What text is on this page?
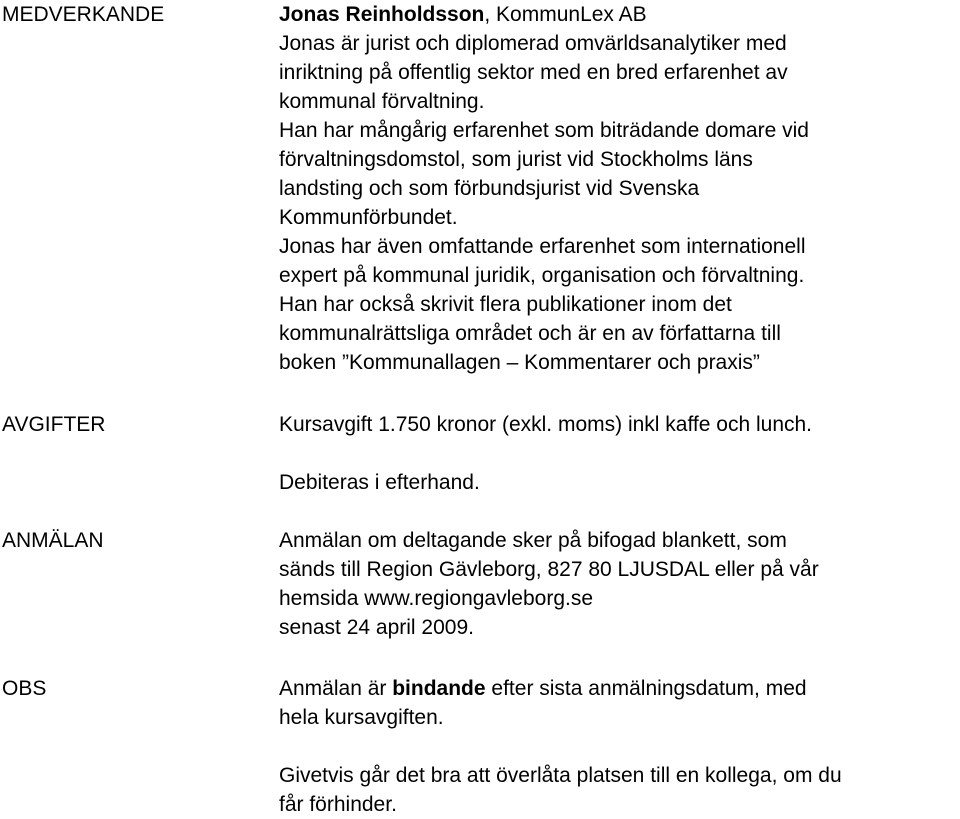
MEDVERKANDE	Jonas Reinholdsson, KommunLex AB
Jonas är jurist och diplomerad omvärldsanalytiker med
inriktning på offentlig sektor med en bred erfarenhet av
kommunal förvaltning.
Han har mångårig erfarenhet som biträdande domare vid
förvaltningsdomstol, som jurist vid Stockholms läns
landsting och som förbundsjurist vid Svenska
Kommunförbundet.
Jonas har även omfattande erfarenhet som internationell
expert på kommunal juridik, organisation och förvaltning.
Han har också skrivit flera publikationer inom det
kommunalrättsliga området och är en av författarna till
boken ”Kommunallagen – Kommentarer och praxis”
AVGIFTER	Kursavgift 1.750 kronor (exkl. moms) inkl kaffe och lunch.
Debiteras i efterhand.
ANMÄLAN	Anmälan om deltagande sker på bifogad blankett, som
sänds till Region Gävleborg, 827 80 LJUSDAL eller på vår
hemsida www.regiongavleborg.se
senast 24 april 2009.
OBS	Anmälan är bindande efter sista anmälningsdatum, med
hela kursavgiften.
Givetvis går det bra att överlåta platsen till en kollega, om du
får förhinder.
